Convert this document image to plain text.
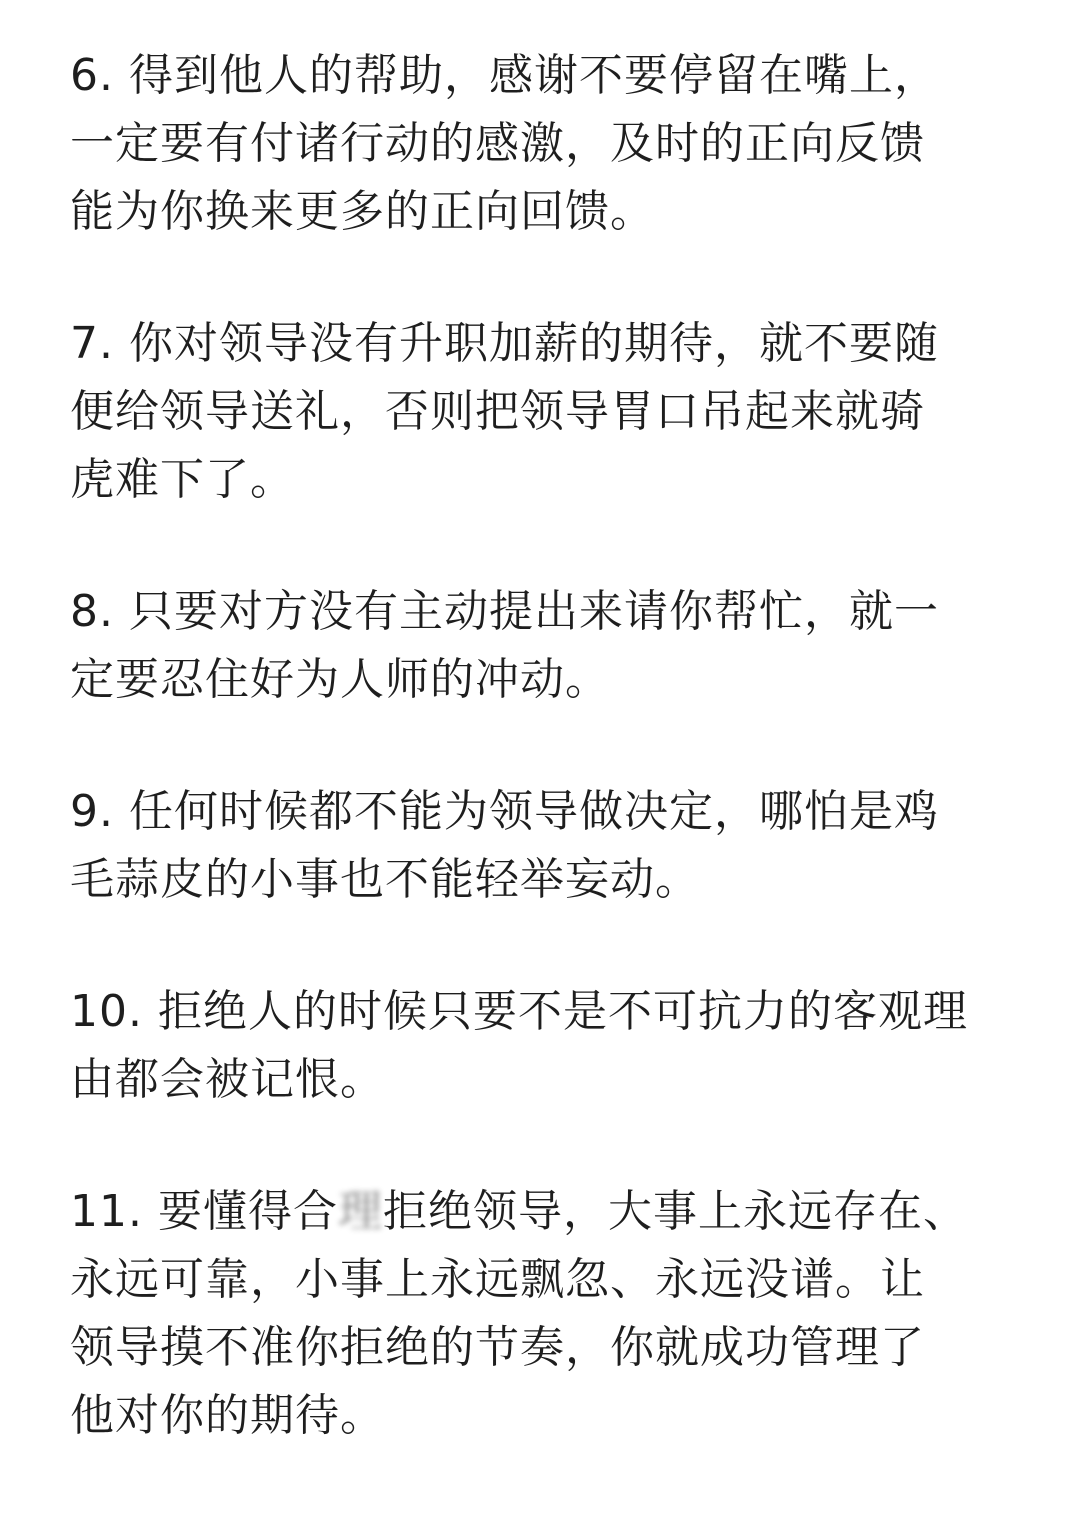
6. 得到他人的帮助，感谢不要停留在嘴上，
一定要有付诸行动的感激，及时的正向反馈
能为你换来更多的正向回馈。
7. 你对领导没有升职加薪的期待，就不要随
便给领导送礼，否则把领导胃口吊起来就骑
虎难下了。
8. 只要对方没有主动提出来请你帮忙，就一
定要忍住好为人师的冲动。
9. 任何时候都不能为领导做决定，哪怕是鸡
毛蒜皮的小事也不能轻举妄动。
10. 拒绝人的时候只要不是不可抗力的客观理
由都会被记恨。
11. 要懂得合理拒绝领导，大事上永远存在、
永远可靠，小事上永远飘忽、永远没谱。让
领导摸不准你拒绝的节奏，你就成功管理了
他对你的期待。
